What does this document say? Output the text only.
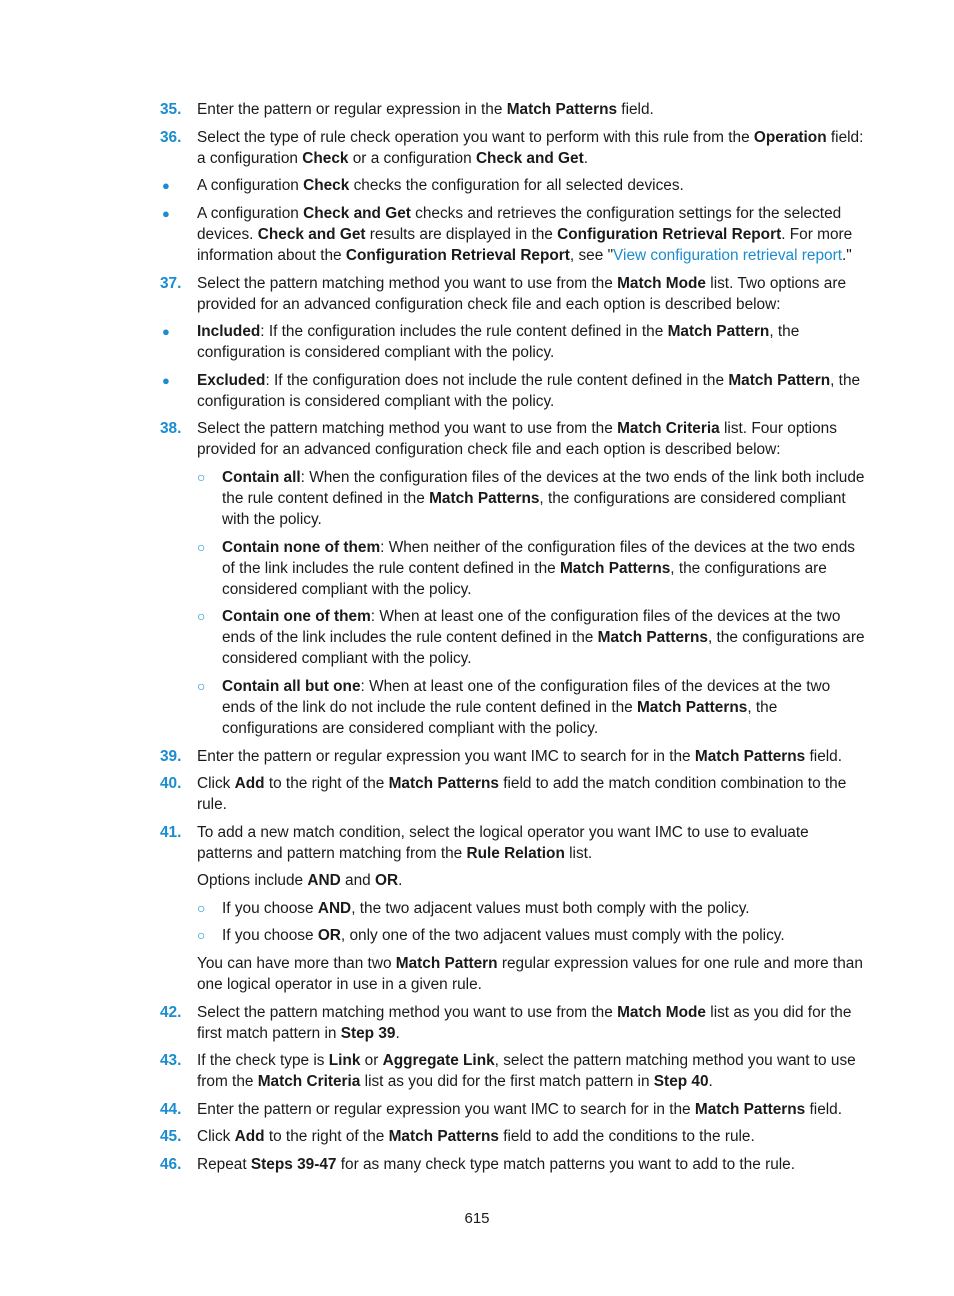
35. Enter the pattern or regular expression in the Match Patterns field.

36. Select the type of rule check operation you want to perform with this rule from the Operation field: a configuration Check or a configuration Check and Get.

● A configuration Check checks the configuration for all selected devices.

● A configuration Check and Get checks and retrieves the configuration settings for the selected devices. Check and Get results are displayed in the Configuration Retrieval Report. For more information about the Configuration Retrieval Report, see "View configuration retrieval report."

37. Select the pattern matching method you want to use from the Match Mode list. Two options are provided for an advanced configuration check file and each option is described below:

● Included: If the configuration includes the rule content defined in the Match Pattern, the configuration is considered compliant with the policy.

● Excluded: If the configuration does not include the rule content defined in the Match Pattern, the configuration is considered compliant with the policy.

38. Select the pattern matching method you want to use from the Match Criteria list. Four options provided for an advanced configuration check file and each option is described below:

○ Contain all: When the configuration files of the devices at the two ends of the link both include the rule content defined in the Match Patterns, the configurations are considered compliant with the policy.

○ Contain none of them: When neither of the configuration files of the devices at the two ends of the link includes the rule content defined in the Match Patterns, the configurations are considered compliant with the policy.

○ Contain one of them: When at least one of the configuration files of the devices at the two ends of the link includes the rule content defined in the Match Patterns, the configurations are considered compliant with the policy.

○ Contain all but one: When at least one of the configuration files of the devices at the two ends of the link do not include the rule content defined in the Match Patterns, the configurations are considered compliant with the policy.

39. Enter the pattern or regular expression you want IMC to search for in the Match Patterns field.

40. Click Add to the right of the Match Patterns field to add the match condition combination to the rule.

41. To add a new match condition, select the logical operator you want IMC to use to evaluate patterns and pattern matching from the Rule Relation list.

Options include AND and OR.

○ If you choose AND, the two adjacent values must both comply with the policy.

○ If you choose OR, only one of the two adjacent values must comply with the policy.

You can have more than two Match Pattern regular expression values for one rule and more than one logical operator in use in a given rule.

42. Select the pattern matching method you want to use from the Match Mode list as you did for the first match pattern in Step 39.

43. If the check type is Link or Aggregate Link, select the pattern matching method you want to use from the Match Criteria list as you did for the first match pattern in Step 40.

44. Enter the pattern or regular expression you want IMC to search for in the Match Patterns field.

45. Click Add to the right of the Match Patterns field to add the conditions to the rule.

46. Repeat Steps 39-47 for as many check type match patterns you want to add to the rule.

615
